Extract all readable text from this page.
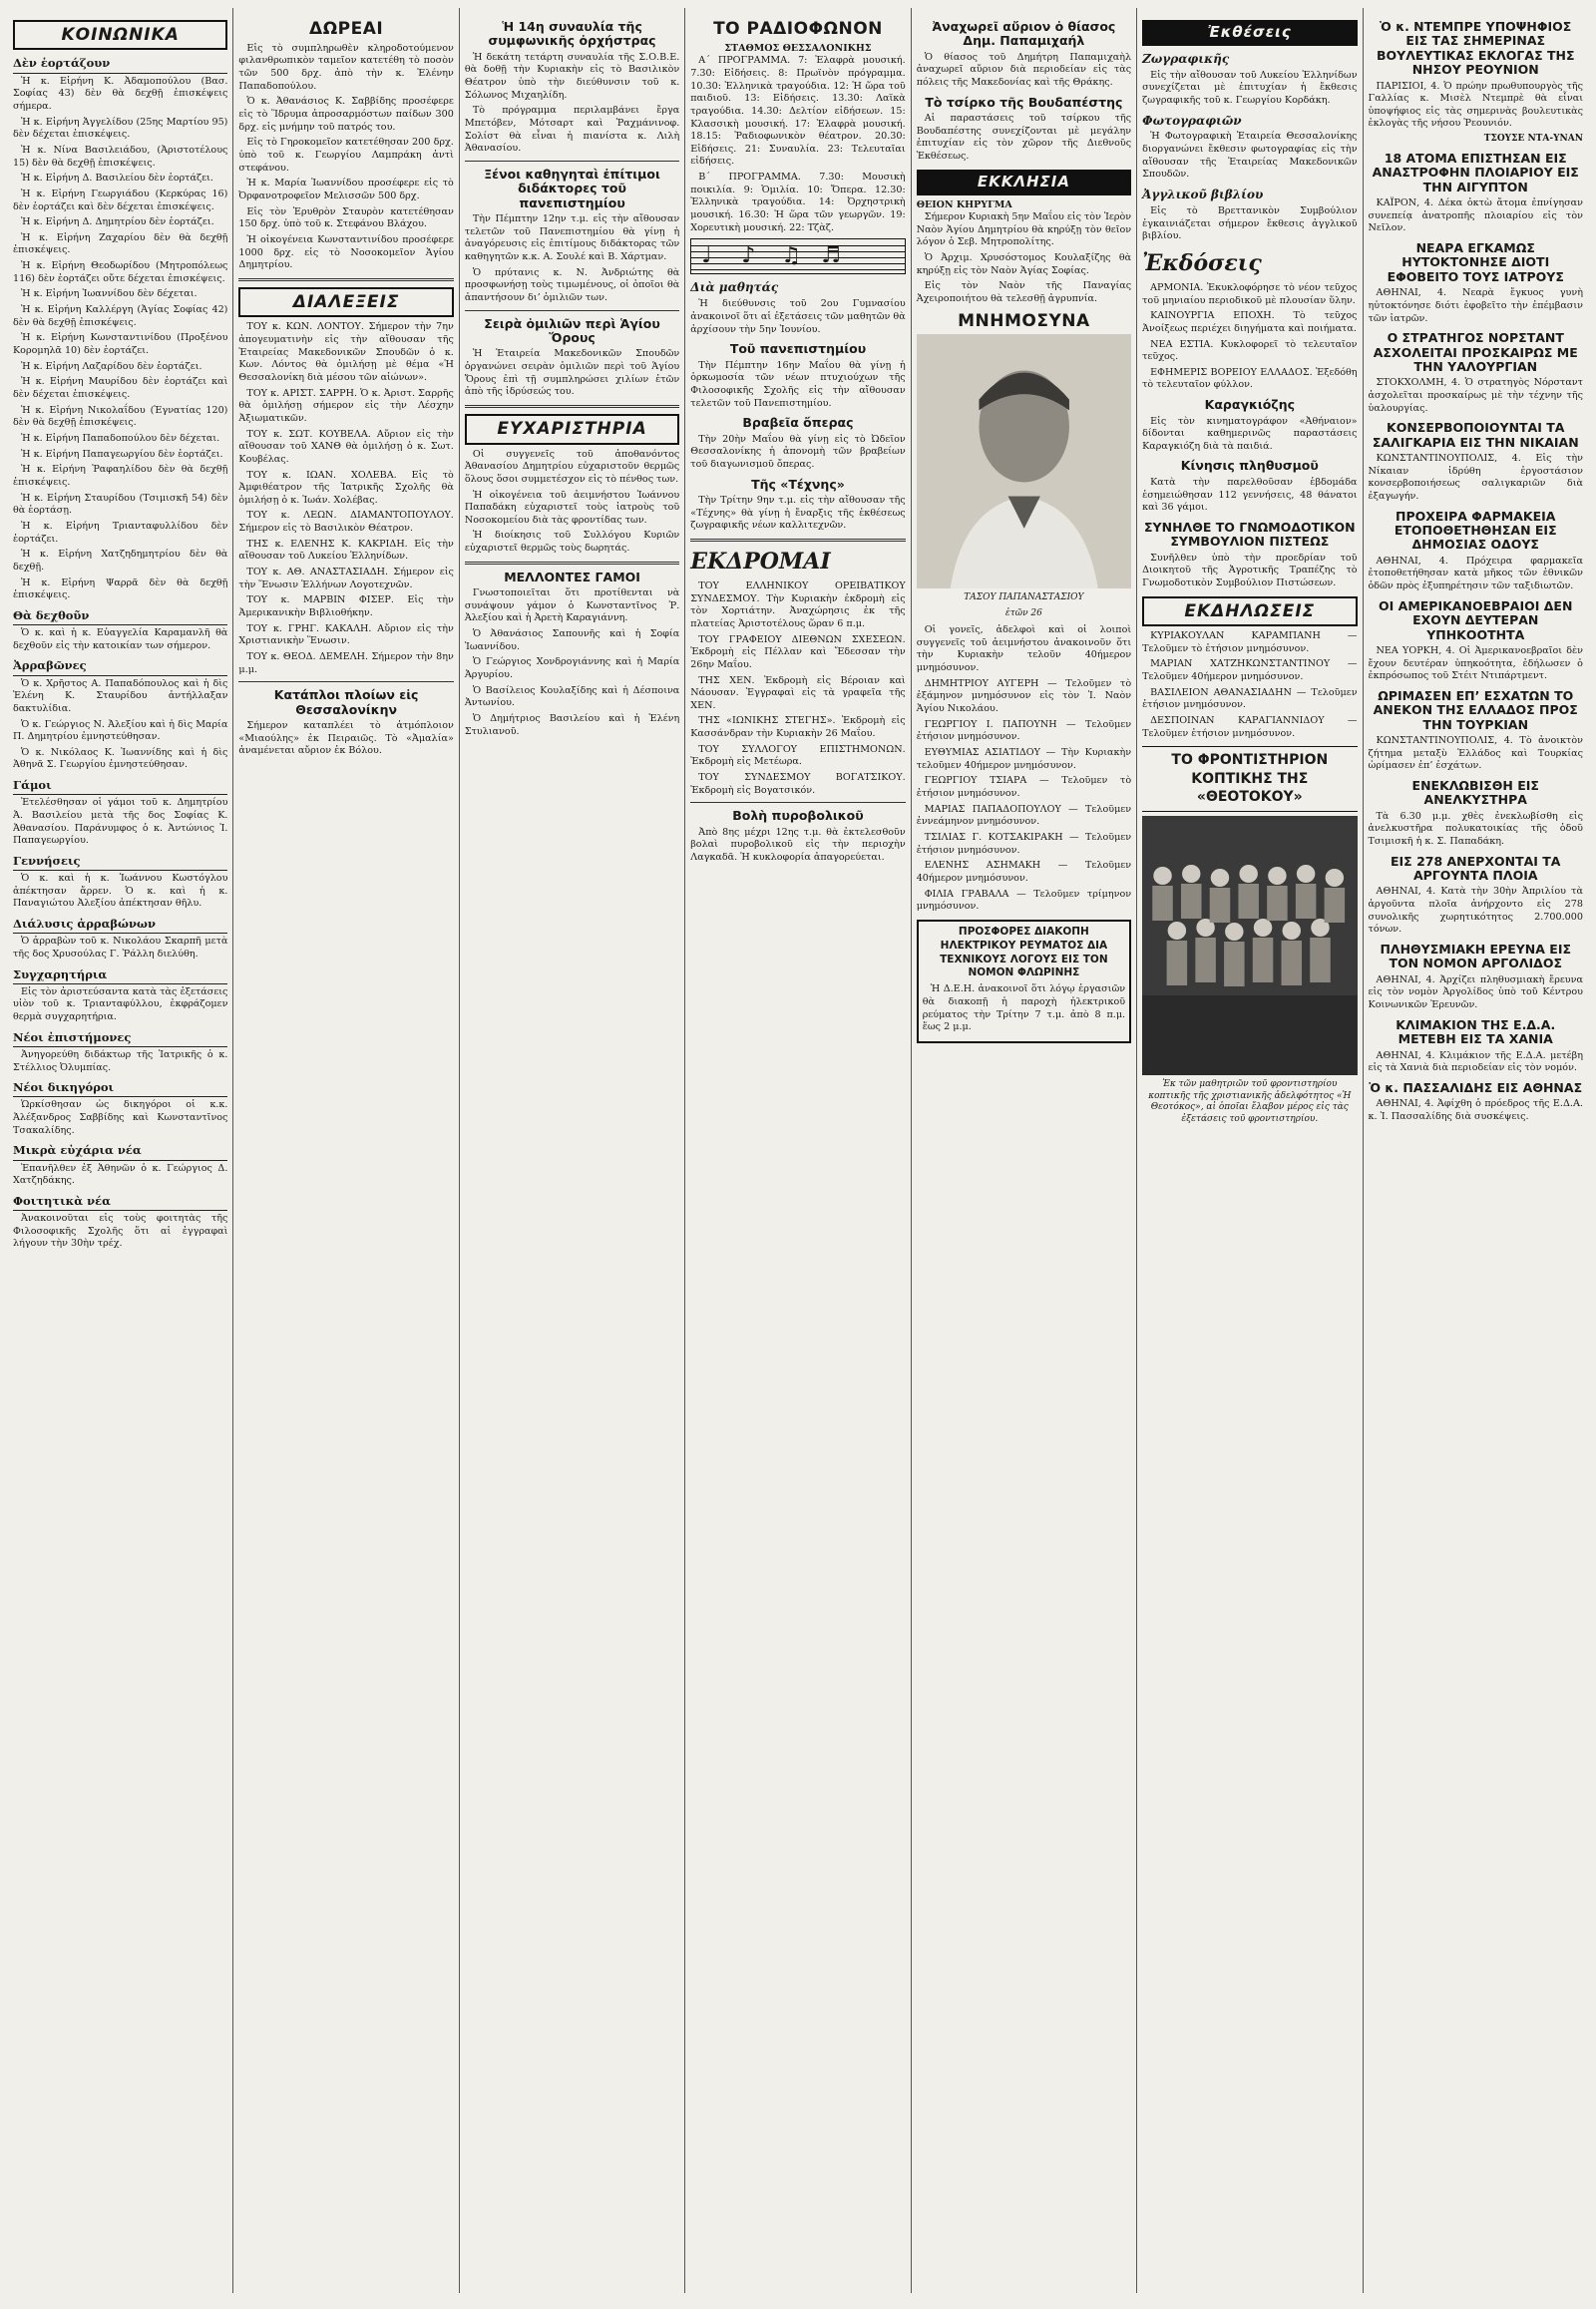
ΚΟΙΝΩΝΙΚΑ
Δὲν ἑορτάζουν

Ἡ κ. Εἰρήνη Κ. Ἀδαμοπούλου (Βασ. Σοφίας 43) δὲν θὰ δεχθῇ ἐπισκέψεις σήμερα.

Ἡ κ. Εἰρήνη Ἀγγελίδου (25ης Μαρτίου 95) δὲν δέχεται ἐπισκέψεις.

Ἡ κ. Νίνα Βασιλειάδου, (Ἀριστοτέλους 15) δὲν θὰ δεχθῇ ἐπισκέψεις.

Ἡ κ. Εἰρήνη Δ. Βασιλείου δὲν ἑορτάζει.

Ἡ κ. Εἰρήνη Γεωργιάδου (Κερκύρας 16) δὲν ἑορτάζει καὶ δὲν δέχεται ἐπισκέψεις.

Ἡ κ. Εἰρήνη Δ. Δημητρίου δὲν ἑορτάζει.

Ἡ κ. Εἰρήνη Ζαχαρίου δὲν θὰ δεχθῇ ἐπισκέψεις.

Ἡ κ. Εἰρήνη Θεοδωρίδου (Μητροπόλεως 116) δὲν ἑορτάζει οὔτε δέχεται ἐπισκέψεις.

Ἡ κ. Εἰρήνη Ἰωαννίδου δὲν δέχεται.

Ἡ κ. Εἰρήνη Καλλέργη (Ἀγίας Σοφίας 42) δὲν θὰ δεχθῇ ἐπισκέψεις.

Ἡ κ. Εἰρήνη Κωνσταντινίδου (Προξένου Κορομηλᾶ 10) δὲν ἑορτάζει.

Ἡ κ. Εἰρήνη Λαζαρίδου δὲν ἑορτάζει.

Ἡ κ. Εἰρήνη Μαυρίδου δὲν ἑορτάζει καὶ δὲν δέχεται ἐπισκέψεις.

Ἡ κ. Εἰρήνη Νικολαΐδου (Ἐγνατίας 120) δὲν θὰ δεχθῇ ἐπισκέψεις.

Ἡ κ. Εἰρήνη Παπαδοπούλου δὲν δέχεται.

Ἡ κ. Εἰρήνη Παπαγεωργίου δὲν ἑορτάζει.

Ἡ κ. Εἰρήνη Ῥαφαηλίδου δὲν θὰ δεχθῇ ἐπισκέψεις.

Ἡ κ. Εἰρήνη Σταυρίδου (Τσιμισκῆ 54) δὲν θὰ ἑορτάσῃ.

Ἡ κ. Εἰρήνη Τριανταφυλλίδου δὲν ἑορτάζει.

Ἡ κ. Εἰρήνη Χατζηδημητρίου δὲν θὰ δεχθῇ.

Ἡ κ. Εἰρήνη Ψαρρᾶ δὲν θὰ δεχθῇ ἐπισκέψεις.

Θὰ δεχθοῦν

Ὁ κ. καὶ ἡ κ. Εὐαγγελία Καραμανλῆ θὰ δεχθοῦν εἰς τὴν κατοικίαν των σήμερον.

Ἀρραβῶνες

Ὁ κ. Χρῆστος Α. Παπαδόπουλος καὶ ἡ δὶς Ἑλένη Κ. Σταυρίδου ἀντήλλαξαν δακτυλίδια.

Ὁ κ. Γεώργιος Ν. Ἀλεξίου καὶ ἡ δὶς Μαρία Π. Δημητρίου ἐμνηστεύθησαν.

Ὁ κ. Νικόλαος Κ. Ἰωαννίδης καὶ ἡ δὶς Ἀθηνᾶ Σ. Γεωργίου ἐμνηστεύθησαν.

Γάμοι

Ἐτελέσθησαν οἱ γάμοι τοῦ κ. Δημητρίου Ἀ. Βασιλείου μετὰ τῆς δος Σοφίας Κ. Ἀθανασίου. Παράνυμφος ὁ κ. Ἀντώνιος Ἰ. Παπαγεωργίου.

Γεννήσεις

Ὁ κ. καὶ ἡ κ. Ἰωάννου Κωστόγλου ἀπέκτησαν ἄρρεν. Ὁ κ. καὶ ἡ κ. Παναγιώτου Ἀλεξίου ἀπέκτησαν θῆλυ.

Διάλυσις ἀρραβώνων

Ὁ ἀρραβὼν τοῦ κ. Νικολάου Σκαρπῆ μετὰ τῆς δος Χρυσούλας Γ. Ῥάλλη διελύθη.

Συγχαρητήρια

Εἰς τὸν ἀριστεύσαντα κατὰ τὰς ἐξετάσεις υἱὸν τοῦ κ. Τριανταφύλλου, ἐκφράζομεν θερμὰ συγχαρητήρια.

Νέοι ἐπιστήμονες

Ἀνηγορεύθη διδάκτωρ τῆς Ἰατρικῆς ὁ κ. Στέλλιος Ὀλυμπίας.

Νέοι δικηγόροι

Ὡρκίσθησαν ὡς δικηγόροι οἱ κ.κ. Ἀλέξανδρος Σαββίδης καὶ Κωνσταντῖνος Τσακαλίδης.

Μικρὰ εὐχάρια νέα

Ἐπανῆλθεν ἐξ Ἀθηνῶν ὁ κ. Γεώργιος Δ. Χατζηδάκης.

Φοιτητικὰ νέα

Ἀνακοινοῦται εἰς τοὺς φοιτητὰς τῆς Φιλοσοφικῆς Σχολῆς ὅτι αἱ ἐγγραφαὶ λήγουν τὴν 30ὴν τρέχ.

ΔΩΡΕΑΙ

Εἰς τὸ συμπληρωθὲν κληροδοτούμενον φιλανθρωπικὸν ταμεῖον κατετέθη τὸ ποσὸν τῶν 500 δρχ. ἀπὸ τὴν κ. Ἑλένην Παπαδοπούλου.

Ὁ κ. Ἀθανάσιος Κ. Σαββίδης προσέφερε εἰς τὸ Ἵδρυμα ἀπροσαρμόστων παίδων 300 δρχ. εἰς μνήμην τοῦ πατρός του.

Εἰς τὸ Γηροκομεῖον κατετέθησαν 200 δρχ. ὑπὸ τοῦ κ. Γεωργίου Λαμπράκη ἀντὶ στεφάνου.

Ἡ κ. Μαρία Ἰωαννίδου προσέφερε εἰς τὸ Ὀρφανοτροφεῖον Μελισσῶν 500 δρχ.

Εἰς τὸν Ἐρυθρὸν Σταυρὸν κατετέθησαν 150 δρχ. ὑπὸ τοῦ κ. Στεφάνου Βλάχου.

Ἡ οἰκογένεια Κωνσταντινίδου προσέφερε 1000 δρχ. εἰς τὸ Νοσοκομεῖον Ἁγίου Δημητρίου.

ΔΙΑΛΕΞΕΙΣ

ΤΟΥ κ. ΚΩΝ. ΛΟΝΤΟΥ. Σήμερον τὴν 7ην ἀπογευματινὴν εἰς τὴν αἴθουσαν τῆς Ἑταιρείας Μακεδονικῶν Σπουδῶν ὁ κ. Κων. Λόντος θὰ ὁμιλήσῃ μὲ θέμα «Ἡ Θεσσαλονίκη διὰ μέσου τῶν αἰώνων».

ΤΟΥ κ. ΑΡΙΣΤ. ΣΑΡΡΗ. Ὁ κ. Ἀριστ. Σαρρῆς θὰ ὁμιλήσῃ σήμερον εἰς τὴν Λέσχην Ἀξιωματικῶν.

ΤΟΥ κ. ΣΩΤ. ΚΟΥΒΕΛΑ. Αὔριον εἰς τὴν αἴθουσαν τοῦ ΧΑΝΘ θὰ ὁμιλήσῃ ὁ κ. Σωτ. Κουβέλας.

ΤΟΥ κ. ΙΩΑΝ. ΧΟΛΕΒΑ. Εἰς τὸ Ἀμφιθέατρον τῆς Ἰατρικῆς Σχολῆς θὰ ὁμιλήσῃ ὁ κ. Ἰωάν. Χολέβας.

ΤΟΥ κ. ΛΕΩΝ. ΔΙΑΜΑΝΤΟΠΟΥΛΟΥ. Σήμερον εἰς τὸ Βασιλικὸν Θέατρον.

ΤΗΣ κ. ΕΛΕΝΗΣ Κ. ΚΑΚΡΙΔΗ. Εἰς τὴν αἴθουσαν τοῦ Λυκείου Ἑλληνίδων.

ΤΟΥ κ. ΑΘ. ΑΝΑΣΤΑΣΙΑΔΗ. Σήμερον εἰς τὴν Ἕνωσιν Ἑλλήνων Λογοτεχνῶν.

ΤΟΥ κ. ΜΑΡΒΙΝ ΦΙΣΕΡ. Εἰς τὴν Ἀμερικανικὴν Βιβλιοθήκην.

ΤΟΥ κ. ΓΡΗΓ. ΚΑΚΑΛΗ. Αὔριον εἰς τὴν Χριστιανικὴν Ἕνωσιν.

ΤΟΥ κ. ΘΕΟΔ. ΔΕΜΕΛΗ. Σήμερον τὴν 8ην μ.μ.

Κατάπλοι πλοίων εἰς Θεσσαλονίκην

Σήμερον καταπλέει τὸ ἀτμόπλοιον «Μιαούλης» ἐκ Πειραιῶς. Τὸ «Ἀμαλία» ἀναμένεται αὔριον ἐκ Βόλου.

Ἡ 14η συναυλία τῆς συμφωνικῆς ὀρχήστρας

Ἡ δεκάτη τετάρτη συναυλία τῆς Σ.Ο.Β.Ε. θὰ δοθῇ τὴν Κυριακὴν εἰς τὸ Βασιλικὸν Θέατρον ὑπὸ τὴν διεύθυνσιν τοῦ κ. Σόλωνος Μιχαηλίδη.

Τὸ πρόγραμμα περιλαμβάνει ἔργα Μπετόβεν, Μότσαρτ καὶ Ῥαχμάνινοφ. Σολίστ θὰ εἶναι ἡ πιανίστα κ. Λιλὴ Ἀθανασίου.

Ξένοι καθηγηταὶ ἐπίτιμοι διδάκτορες τοῦ πανεπιστημίου

Τὴν Πέμπτην 12ην τ.μ. εἰς τὴν αἴθουσαν τελετῶν τοῦ Πανεπιστημίου θὰ γίνῃ ἡ ἀναγόρευσις εἰς ἐπιτίμους διδάκτορας τῶν καθηγητῶν κ.κ. Α. Σουλέ καὶ Β. Χάρτμαν.

Ὁ πρύτανις κ. Ν. Ἀνδριώτης θὰ προσφωνήσῃ τοὺς τιμωμένους, οἱ ὁποῖοι θὰ ἀπαντήσουν δι’ ὁμιλιῶν των.

Σειρὰ ὁμιλιῶν περὶ Ἁγίου Ὄρους

Ἡ Ἑταιρεία Μακεδονικῶν Σπουδῶν ὀργανώνει σειρὰν ὁμιλιῶν περὶ τοῦ Ἁγίου Ὄρους ἐπὶ τῇ συμπληρώσει χιλίων ἐτῶν ἀπὸ τῆς ἱδρύσεώς του.

ΕΥΧΑΡΙΣΤΗΡΙΑ

Οἱ συγγενεῖς τοῦ ἀποθανόντος Ἀθανασίου Δημητρίου εὐχαριστοῦν θερμῶς ὅλους ὅσοι συμμετέσχον εἰς τὸ πένθος των.

Ἡ οἰκογένεια τοῦ ἀειμνήστου Ἰωάννου Παπαδάκη εὐχαριστεῖ τοὺς ἰατροὺς τοῦ Νοσοκομείου διὰ τὰς φροντίδας των.

Ἡ διοίκησις τοῦ Συλλόγου Κυριῶν εὐχαριστεῖ θερμῶς τοὺς δωρητάς.

ΜΕΛΛΟΝΤΕΣ ΓΑΜΟΙ

Γνωστοποιεῖται ὅτι προτίθενται νὰ συνάψουν γάμον ὁ Κωνσταντῖνος Ῥ. Ἀλεξίου καὶ ἡ Ἀρετὴ Καραγιάννη.

Ὁ Ἀθανάσιος Σαπουνῆς καὶ ἡ Σοφία Ἰωαννίδου.

Ὁ Γεώργιος Χονδρογιάννης καὶ ἡ Μαρία Ἀργυρίου.

Ὁ Βασίλειος Κουλαξίδης καὶ ἡ Δέσποινα Ἀντωνίου.

Ὁ Δημήτριος Βασιλείου καὶ ἡ Ἑλένη Στυλιανοῦ.

ΤΟ ΡΑΔΙΟΦΩΝΟΝ
ΣΤΑΘΜΟΣ ΘΕΣΣΑΛΟΝΙΚΗΣ

Α΄ ΠΡΟΓΡΑΜΜΑ. 7: Ἐλαφρὰ μουσική. 7.30: Εἰδήσεις. 8: Πρωϊνὸν πρόγραμμα. 10.30: Ἐλληνικὰ τραγούδια. 12: Ἡ ὥρα τοῦ παιδιοῦ. 13: Εἰδήσεις. 13.30: Λαϊκὰ τραγούδια. 14.30: Δελτίον εἰδήσεων. 15: Κλασσικὴ μουσική. 17: Ἐλαφρὰ μουσική. 18.15: Ῥαδιοφωνικὸν θέατρον. 20.30: Εἰδήσεις. 21: Συναυλία. 23: Τελευταῖαι εἰδήσεις.

Β΄ ΠΡΟΓΡΑΜΜΑ. 7.30: Μουσικὴ ποικιλία. 9: Ὁμιλία. 10: Ὄπερα. 12.30: Ἐλληνικὰ τραγούδια. 14: Ὀρχηστρικὴ μουσική. 16.30: Ἡ ὥρα τῶν γεωργῶν. 19: Χορευτικὴ μουσική. 22: Τζὰζ.

♩ ♪ ♫ ♬
Διὰ μαθητάς

Ἡ διεύθυνσις τοῦ 2ου Γυμνασίου ἀνακοινοῖ ὅτι αἱ ἐξετάσεις τῶν μαθητῶν θὰ ἀρχίσουν τὴν 5ην Ἰουνίου.

Τοῦ πανεπιστημίου

Τὴν Πέμπτην 16ην Μαΐου θὰ γίνῃ ἡ ὁρκωμοσία τῶν νέων πτυχιούχων τῆς Φιλοσοφικῆς Σχολῆς εἰς τὴν αἴθουσαν τελετῶν τοῦ Πανεπιστημίου.

Βραβεῖα ὄπερας

Τὴν 20ὴν Μαΐου θὰ γίνῃ εἰς τὸ Ὠδεῖον Θεσσαλονίκης ἡ ἀπονομὴ τῶν βραβείων τοῦ διαγωνισμοῦ ὄπερας.

Τῆς «Τέχνης»

Τὴν Τρίτην 9ην τ.μ. εἰς τὴν αἴθουσαν τῆς «Τέχνης» θὰ γίνῃ ἡ ἔναρξις τῆς ἐκθέσεως ζωγραφικῆς νέων καλλιτεχνῶν.

ΕΚΔΡΟΜΑΙ

ΤΟΥ ΕΛΛΗΝΙΚΟΥ ΟΡΕΙΒΑΤΙΚΟΥ ΣΥΝΔΕΣΜΟΥ. Τὴν Κυριακὴν ἐκδρομὴ εἰς τὸν Χορτιάτην. Ἀναχώρησις ἐκ τῆς πλατείας Ἀριστοτέλους ὥραν 6 π.μ.

ΤΟΥ ΓΡΑΦΕΙΟΥ ΔΙΕΘΝΩΝ ΣΧΕΣΕΩΝ. Ἐκδρομὴ εἰς Πέλλαν καὶ Ἔδεσσαν τὴν 26ην Μαΐου.

ΤΗΣ ΧΕΝ. Ἐκδρομὴ εἰς Βέροιαν καὶ Νάουσαν. Ἐγγραφαὶ εἰς τὰ γραφεῖα τῆς ΧΕΝ.

ΤΗΣ «ΙΩΝΙΚΗΣ ΣΤΕΓΗΣ». Ἐκδρομὴ εἰς Κασσάνδραν τὴν Κυριακὴν 26 Μαΐου.

ΤΟΥ ΣΥΛΛΟΓΟΥ ΕΠΙΣΤΗΜΟΝΩΝ. Ἐκδρομὴ εἰς Μετέωρα.

ΤΟΥ ΣΥΝΔΕΣΜΟΥ ΒΟΓΑΤΣΙΚΟΥ. Ἐκδρομὴ εἰς Βογατσικόν.

Βολὴ πυροβολικοῦ

Ἀπὸ 8ης μέχρι 12ης τ.μ. θὰ ἐκτελεσθοῦν βολαὶ πυροβολικοῦ εἰς τὴν περιοχὴν Λαγκαδᾶ. Ἡ κυκλοφορία ἀπαγορεύεται.

Ἀναχωρεῖ αὔριον ὁ θίασος Δημ. Παπαμιχαήλ

Ὁ θίασος τοῦ Δημήτρη Παπαμιχαὴλ ἀναχωρεῖ αὔριον διὰ περιοδείαν εἰς τὰς πόλεις τῆς Μακεδονίας καὶ τῆς Θράκης.

Τὸ τσίρκο τῆς Βουδαπέστης

Αἱ παραστάσεις τοῦ τσίρκου τῆς Βουδαπέστης συνεχίζονται μὲ μεγάλην ἐπιτυχίαν εἰς τὸν χῶρον τῆς Διεθνοῦς Ἐκθέσεως.

ΕΚΚΛΗΣΙΑ
ΘΕΙΟΝ ΚΗΡΥΓΜΑ

Σήμερον Κυριακὴ 5ην Μαΐου εἰς τὸν Ἱερὸν Ναὸν Ἁγίου Δημητρίου θὰ κηρύξῃ τὸν θεῖον λόγον ὁ Σεβ. Μητροπολίτης.

Ὁ Ἀρχιμ. Χρυσόστομος Κουλαξίζης θὰ κηρύξῃ εἰς τὸν Ναὸν Ἁγίας Σοφίας.

Εἰς τὸν Ναὸν τῆς Παναγίας Ἀχειροποιήτου θὰ τελεσθῇ ἀγρυπνία.

ΜΝΗΜΟΣΥΝΑ
ΤΑΣΟΥ ΠΑΠΑΝΑΣΤΑΣΙΟΥ
ἐτῶν 26

Οἱ γονεῖς, ἀδελφοὶ καὶ οἱ λοιποὶ συγγενεῖς τοῦ ἀειμνήστου ἀνακοινοῦν ὅτι τὴν Κυριακὴν τελοῦν 40ήμερον μνημόσυνον.

ΔΗΜΗΤΡΙΟΥ ΑΥΓΕΡΗ — Τελοῦμεν τὸ ἑξάμηνον μνημόσυνον εἰς τὸν Ἱ. Ναὸν Ἁγίου Νικολάου.

ΓΕΩΡΓΙΟΥ Ι. ΠΑΠΟΥΝΗ — Τελοῦμεν ἐτήσιον μνημόσυνον.

ΕΥΘΥΜΙΑΣ ΑΣΙΑΤΙΔΟΥ — Τὴν Κυριακὴν τελοῦμεν 40ήμερον μνημόσυνον.

ΓΕΩΡΓΙΟΥ ΤΣΙΑΡΑ — Τελοῦμεν τὸ ἐτήσιον μνημόσυνον.

ΜΑΡΙΑΣ ΠΑΠΑΔΟΠΟΥΛΟΥ — Τελοῦμεν ἐννεάμηνον μνημόσυνον.

ΤΣΙΛΙΑΣ Γ. ΚΟΤΣΑΚΙΡΑΚΗ — Τελοῦμεν ἐτήσιον μνημόσυνον.

ΕΛΕΝΗΣ ΑΣΗΜΑΚΗ — Τελοῦμεν 40ήμερον μνημόσυνον.

ΦΙΛΙΑ ΓΡΑΒΑΛΑ — Τελοῦμεν τρίμηνον μνημόσυνον.

ΠΡΟΣΦΟΡΕΣ ΔΙΑΚΟΠΗ ΗΛΕΚΤΡΙΚΟΥ ΡΕΥΜΑΤΟΣ ΔΙΑ ΤΕΧΝΙΚΟΥΣ ΛΟΓΟΥΣ ΕΙΣ ΤΟΝ ΝΟΜΟΝ ΦΛΩΡΙΝΗΣ

Ἡ Δ.Ε.Η. ἀνακοινοῖ ὅτι λόγῳ ἐργασιῶν θὰ διακοπῇ ἡ παροχὴ ἠλεκτρικοῦ ρεύματος τὴν Τρίτην 7 τ.μ. ἀπὸ 8 π.μ. ἕως 2 μ.μ.

Ἐκθέσεις
Ζωγραφικῆς

Εἰς τὴν αἴθουσαν τοῦ Λυκείου Ἑλληνίδων συνεχίζεται μὲ ἐπιτυχίαν ἡ ἔκθεσις ζωγραφικῆς τοῦ κ. Γεωργίου Κορδάκη.

Φωτογραφιῶν

Ἡ Φωτογραφικὴ Ἑταιρεία Θεσσαλονίκης διοργανώνει ἔκθεσιν φωτογραφίας εἰς τὴν αἴθουσαν τῆς Ἑταιρείας Μακεδονικῶν Σπουδῶν.

Ἀγγλικοῦ βιβλίου

Εἰς τὸ Βρεττανικὸν Συμβούλιον ἐγκαινιάζεται σήμερον ἔκθεσις ἀγγλικοῦ βιβλίου.

Ἐκδόσεις

ΑΡΜΟΝΙΑ. Ἐκυκλοφόρησε τὸ νέον τεῦχος τοῦ μηνιαίου περιοδικοῦ μὲ πλουσίαν ὕλην.

ΚΑΙΝΟΥΡΓΙΑ ΕΠΟΧΗ. Τὸ τεῦχος Ἀνοίξεως περιέχει διηγήματα καὶ ποιήματα.

ΝΕΑ ΕΣΤΙΑ. Κυκλοφορεῖ τὸ τελευταῖον τεῦχος.

ΕΦΗΜΕΡΙΣ ΒΟΡΕΙΟΥ ΕΛΛΑΔΟΣ. Ἐξεδόθη τὸ τελευταῖον φύλλον.

Καραγκιόζης

Εἰς τὸν κινηματογράφον «Ἀθήναιον» δίδονται καθημερινῶς παραστάσεις Καραγκιόζη διὰ τὰ παιδιά.

Κίνησις πληθυσμοῦ

Κατὰ τὴν παρελθοῦσαν ἑβδομάδα ἐσημειώθησαν 112 γεννήσεις, 48 θάνατοι καὶ 36 γάμοι.

ΣΥΝΗΛΘΕ ΤΟ ΓΝΩΜΟΔΟΤΙΚΟΝ ΣΥΜΒΟΥΛΙΟΝ ΠΙΣΤΕΩΣ

Συνῆλθεν ὑπὸ τὴν προεδρίαν τοῦ Διοικητοῦ τῆς Ἀγροτικῆς Τραπέζης τὸ Γνωμοδοτικὸν Συμβούλιον Πιστώσεων.

ΕΚΔΗΛΩΣΕΙΣ

ΚΥΡΙΑΚΟΥΛΑΝ ΚΑΡΑΜΠΑΝΗ — Τελοῦμεν τὸ ἐτήσιον μνημόσυνον.

ΜΑΡΙΑΝ ΧΑΤΖΗΚΩΝΣΤΑΝΤΙΝΟΥ — Τελοῦμεν 40ήμερον μνημόσυνον.

ΒΑΣΙΛΕΙΟΝ ΑΘΑΝΑΣΙΑΔΗΝ — Τελοῦμεν ἐτήσιον μνημόσυνον.

ΔΕΣΠΟΙΝΑΝ ΚΑΡΑΓΙΑΝΝΙΔΟΥ — Τελοῦμεν ἐτήσιον μνημόσυνον.

ΤΟ ΦΡΟΝΤΙΣΤΗΡΙΟΝ ΚΟΠΤΙΚΗΣ ΤΗΣ «ΘΕΟΤΟΚΟΥ»
Ἐκ τῶν μαθητριῶν τοῦ φροντιστηρίου κοπτικῆς τῆς χριστιανικῆς ἀδελφότητος «Ἡ Θεοτόκος», αἱ ὁποῖαι ἔλαβον μέρος εἰς τὰς ἐξετάσεις τοῦ φροντιστηρίου.
Ὁ κ. ΝΤΕΜΠΡΕ ΥΠΟΨΗΦΙΟΣ ΕΙΣ ΤΑΣ ΣΗΜΕΡΙΝΑΣ ΒΟΥΛΕΥΤΙΚΑΣ ΕΚΛΟΓΑΣ ΤΗΣ ΝΗΣΟΥ ΡΕΟΥΝΙΟΝ

ΠΑΡΙΣΙΟΙ, 4. Ὁ πρώην πρωθυπουργὸς τῆς Γαλλίας κ. Μισὲλ Ντεμπρὲ θὰ εἶναι ὑποψήφιος εἰς τὰς σημερινὰς βουλευτικὰς ἐκλογὰς τῆς νήσου Ῥεουνιόν.

ΤΣΟΥΣΕ ΝΤΑ-ΥΝΑΝ
18 ΑΤΟΜΑ ΕΠΙΣΤΗΣΑΝ ΕΙΣ ΑΝΑΣΤΡΟΦΗΝ ΠΛΟΙΑΡΙΟΥ ΕΙΣ ΤΗΝ ΑΙΓΥΠΤΟΝ

ΚΑΪΡΟΝ, 4. Δέκα ὀκτὼ ἄτομα ἐπνίγησαν συνεπείᾳ ἀνατροπῆς πλοιαρίου εἰς τὸν Νεῖλον.

ΝΕΑΡΑ ΕΓΚΑΜΩΣ ΗΥΤΟΚΤΟΝΗΣΕ ΔΙΟΤΙ ΕΦΟΒΕΙΤΟ ΤΟΥΣ ΙΑΤΡΟΥΣ

ΑΘΗΝΑΙ, 4. Νεαρὰ ἔγκυος γυνὴ ηὐτοκτόνησε διότι ἐφοβεῖτο τὴν ἐπέμβασιν τῶν ἰατρῶν.

Ο ΣΤΡΑΤΗΓΟΣ ΝΟΡΣΤΑΝΤ ΑΣΧΟΛΕΙΤΑΙ ΠΡΟΣΚΑΙΡΩΣ ΜΕ ΤΗΝ ΥΑΛΟΥΡΓΙΑΝ

ΣΤΟΚΧΟΛΜΗ, 4. Ὁ στρατηγὸς Νόρσταντ ἀσχολεῖται προσκαίρως μὲ τὴν τέχνην τῆς ὑαλουργίας.

ΚΟΝΣΕΡΒΟΠΟΙΟΥΝΤΑΙ ΤΑ ΣΑΛΙΓΚΑΡΙΑ ΕΙΣ ΤΗΝ ΝΙΚΑΙΑΝ

ΚΩΝΣΤΑΝΤΙΝΟΥΠΟΛΙΣ, 4. Εἰς τὴν Νίκαιαν ἱδρύθη ἐργοστάσιον κονσερβοποιήσεως σαλιγκαριῶν διὰ ἐξαγωγήν.

ΠΡΟΧΕΙΡΑ ΦΑΡΜΑΚΕΙΑ ΕΤΟΠΟΘΕΤΗΘΗΣΑΝ ΕΙΣ ΔΗΜΟΣΙΑΣ ΟΔΟΥΣ

ΑΘΗΝΑΙ, 4. Πρόχειρα φαρμακεῖα ἐτοποθετήθησαν κατὰ μῆκος τῶν ἐθνικῶν ὁδῶν πρὸς ἐξυπηρέτησιν τῶν ταξιδιωτῶν.

ΟΙ ΑΜΕΡΙΚΑΝΟΕΒΡΑΙΟΙ ΔΕΝ ΕΧΟΥΝ ΔΕΥΤΕΡΑΝ ΥΠΗΚΟΟΤΗΤΑ

ΝΕΑ ΥΟΡΚΗ, 4. Οἱ Ἀμερικανοεβραῖοι δὲν ἔχουν δευτέραν ὑπηκοότητα, ἐδήλωσεν ὁ ἐκπρόσωπος τοῦ Στέιτ Ντιπάρτμεντ.

ΩΡΙΜΑΣΕΝ ΕΠ’ ΕΣΧΑΤΩΝ ΤΟ ΑΝΕΚΟΝ ΤΗΣ ΕΛΛΑΔΟΣ ΠΡΟΣ ΤΗΝ ΤΟΥΡΚΙΑΝ

ΚΩΝΣΤΑΝΤΙΝΟΥΠΟΛΙΣ, 4. Τὸ ἀνοικτὸν ζήτημα μεταξὺ Ἑλλάδος καὶ Τουρκίας ὡρίμασεν ἐπ’ ἐσχάτων.

ΕΝΕΚΛΩΒΙΣΘΗ ΕΙΣ ΑΝΕΛΚΥΣΤΗΡΑ

Τὰ 6.30 μ.μ. χθὲς ἐνεκλωβίσθη εἰς ἀνελκυστῆρα πολυκατοικίας τῆς ὁδοῦ Τσιμισκῆ ἡ κ. Σ. Παπαδάκη.

ΕΙΣ 278 ΑΝΕΡΧΟΝΤΑΙ ΤΑ ΑΡΓΟΥΝΤΑ ΠΛΟΙΑ

ΑΘΗΝΑΙ, 4. Κατὰ τὴν 30ὴν Ἀπριλίου τὰ ἀργοῦντα πλοῖα ἀνήρχοντο εἰς 278 συνολικῆς χωρητικότητος 2.700.000 τόνων.

ΠΛΗΘΥΣΜΙΑΚΗ ΕΡΕΥΝΑ ΕΙΣ ΤΟΝ ΝΟΜΟΝ ΑΡΓΟΛΙΔΟΣ

ΑΘΗΝΑΙ, 4. Ἀρχίζει πληθυσμιακὴ ἔρευνα εἰς τὸν νομὸν Ἀργολίδος ὑπὸ τοῦ Κέντρου Κοινωνικῶν Ἐρευνῶν.

ΚΛΙΜΑΚΙΟΝ ΤΗΣ Ε.Δ.Α. ΜΕΤΕΒΗ ΕΙΣ ΤΑ ΧΑΝΙΑ

ΑΘΗΝΑΙ, 4. Κλιμάκιον τῆς Ε.Δ.Α. μετέβη εἰς τὰ Χανιὰ διὰ περιοδείαν εἰς τὸν νομόν.

Ὁ κ. ΠΑΣΣΑΛΙΔΗΣ ΕΙΣ ΑΘΗΝΑΣ

ΑΘΗΝΑΙ, 4. Ἀφίχθη ὁ πρόεδρος τῆς Ε.Δ.Α. κ. Ἰ. Πασσαλίδης διὰ συσκέψεις.
